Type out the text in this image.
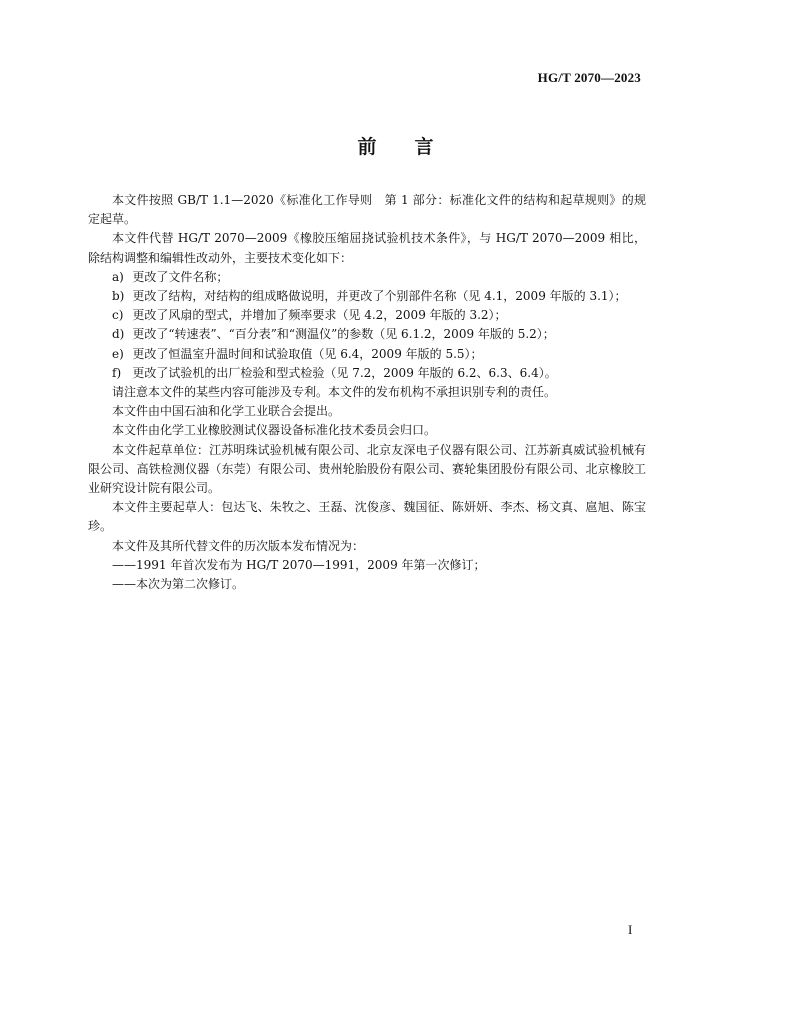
HG/T 2070—2023
前言

本文件按照 GB/T 1.1—2020《标准化工作导则　第 1 部分：标准化文件的结构和起草规则》的规定起草。

本文件代替 HG/T 2070—2009《橡胶压缩屈挠试验机技术条件》，与 HG/T 2070—2009 相比，除结构调整和编辑性改动外，主要技术变化如下：

a) 更改了文件名称；

b) 更改了结构，对结构的组成略做说明，并更改了个别部件名称（见 4.1，2009 年版的 3.1）；

c) 更改了风扇的型式，并增加了频率要求（见 4.2，2009 年版的 3.2）；

d) 更改了“转速表”、“百分表”和“测温仪”的参数（见 6.1.2，2009 年版的 5.2）；

e) 更改了恒温室升温时间和试验取值（见 6.4，2009 年版的 5.5）；

f) 更改了试验机的出厂检验和型式检验（见 7.2，2009 年版的 6.2、6.3、6.4）。

请注意本文件的某些内容可能涉及专利。本文件的发布机构不承担识别专利的责任。

本文件由中国石油和化学工业联合会提出。

本文件由化学工业橡胶测试仪器设备标准化技术委员会归口。

本文件起草单位：江苏明珠试验机械有限公司、北京友深电子仪器有限公司、江苏新真威试验机械有限公司、高铁检测仪器（东莞）有限公司、贵州轮胎股份有限公司、赛轮集团股份有限公司、北京橡胶工业研究设计院有限公司。

本文件主要起草人：包达飞、朱牧之、王磊、沈俊彦、魏国征、陈妍妍、李杰、杨文真、扈旭、陈宝珍。

本文件及其所代替文件的历次版本发布情况为：

——1991 年首次发布为 HG/T 2070—1991，2009 年第一次修订；

——本次为第二次修订。

I
